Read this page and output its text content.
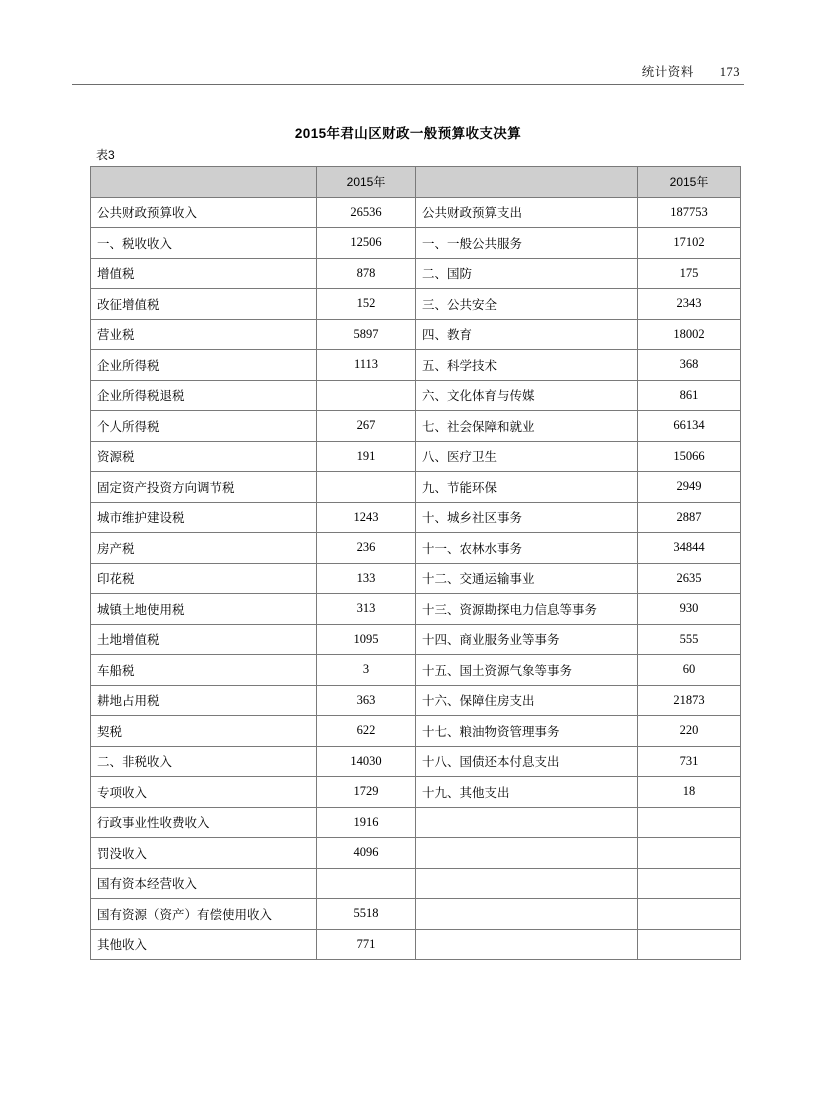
统计资料 173
2015年君山区财政一般预算收支决算
表3
	2015年		2015年
公共财政预算收入	26536	公共财政预算支出	187753
一、税收收入	12506	一、一般公共服务	17102
增值税	878	二、国防	175
改征增值税	152	三、公共安全	2343
营业税	5897	四、教育	18002
企业所得税	1113	五、科学技术	368
企业所得税退税		六、文化体育与传媒	861
个人所得税	267	七、社会保障和就业	66134
资源税	191	八、医疗卫生	15066
固定资产投资方向调节税		九、节能环保	2949
城市维护建设税	1243	十、城乡社区事务	2887
房产税	236	十一、农林水事务	34844
印花税	133	十二、交通运输事业	2635
城镇土地使用税	313	十三、资源勘探电力信息等事务	930
土地增值税	1095	十四、商业服务业等事务	555
车船税	3	十五、国土资源气象等事务	60
耕地占用税	363	十六、保障住房支出	21873
契税	622	十七、粮油物资管理事务	220
二、非税收入	14030	十八、国债还本付息支出	731
专项收入	1729	十九、其他支出	18
行政事业性收费收入	1916		
罚没收入	4096		
国有资本经营收入			
国有资源（资产）有偿使用收入	5518		
其他收入	771		
